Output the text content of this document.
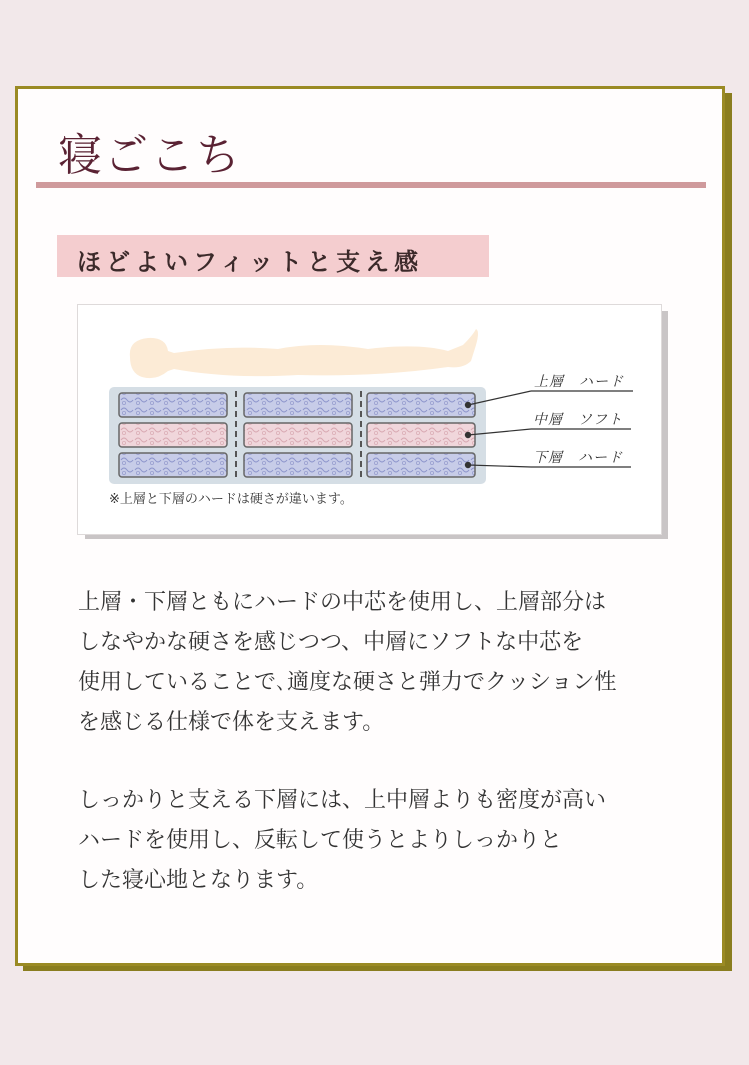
寝ごこち
ほどよいフィットと支え感
上層　ハード
中層　ソフト
下層　ハード
※上層と下層のハードは硬さが違います。

上層・下層ともにハードの中芯を使用し、上層部分は
しなやかな硬さを感じつつ、中層にソフトな中芯を
使用していることで､適度な硬さと弾力でクッション性
を感じる仕様で体を支えます。

しっかりと支える下層には、上中層よりも密度が高い
ハードを使用し、反転して使うとよりしっかりと
した寝心地となります。
